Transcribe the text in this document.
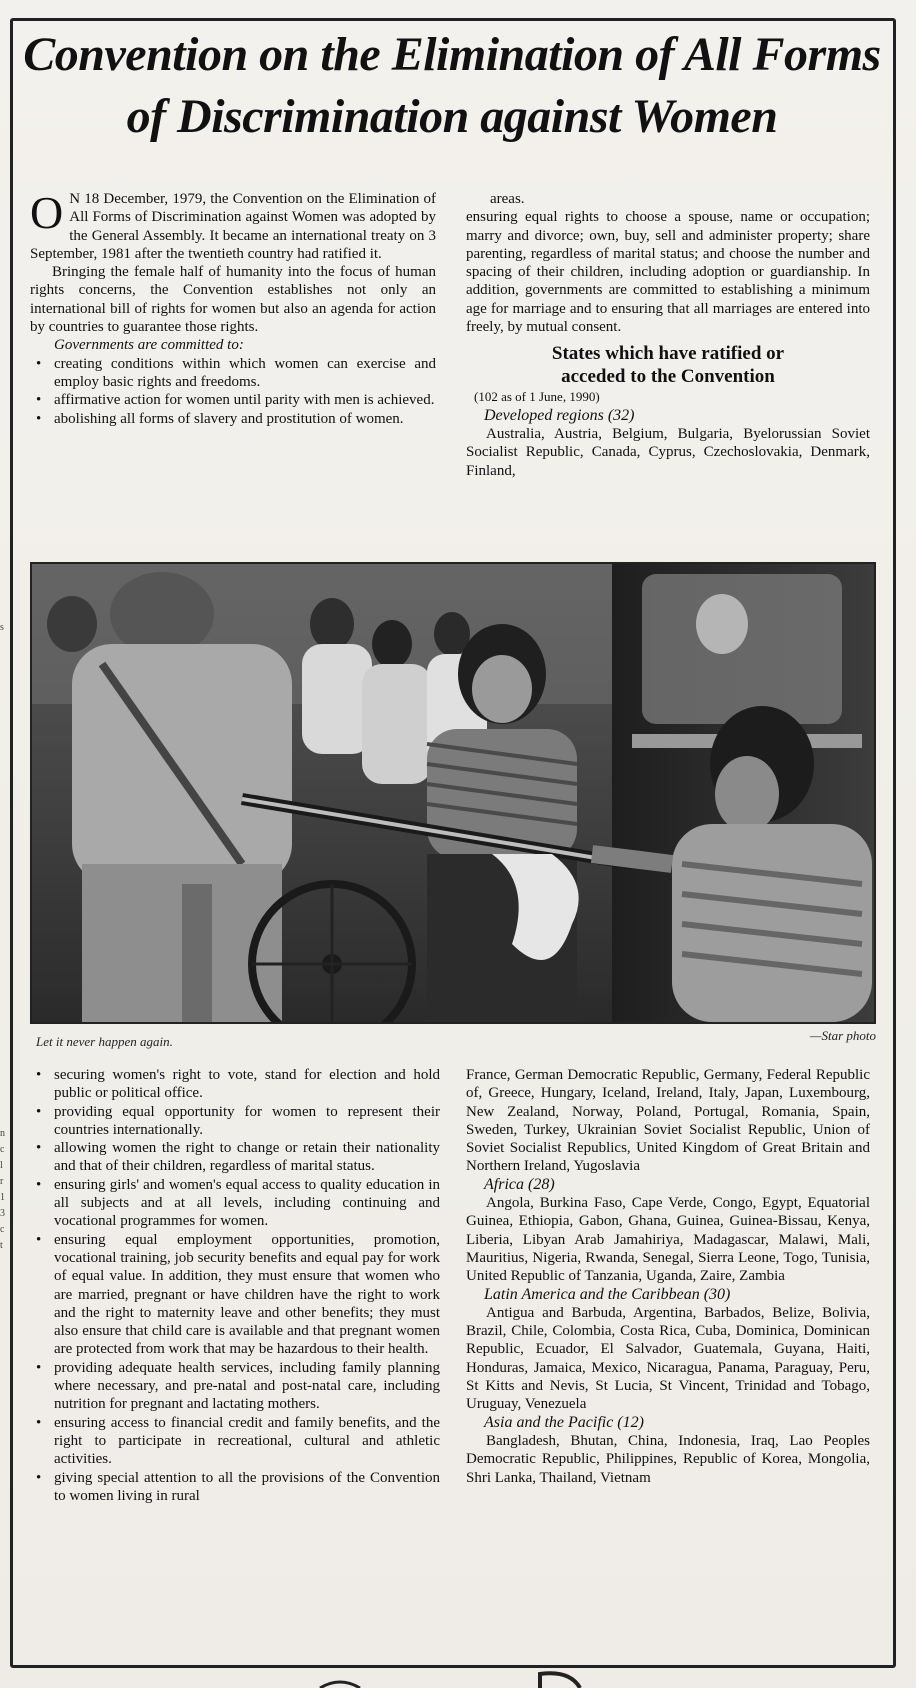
s
n
c
l
r
1
3
c
t
Convention on the Elimination of All Forms
of Discrimination against Women

O N 18 December, 1979, the Convention on the Elimination of All Forms of Discrimination against Women was adopted by the General Assembly. It became an international treaty on 3 September, 1981 after the twentieth country had ratified it.

Bringing the female half of humanity into the focus of human rights concerns, the Convention establishes not only an international bill of rights for women but also an agenda for action by countries to guarantee those rights.

Governments are committed to:

• creating conditions within which women can exercise and employ basic rights and freedoms.
• affirmative action for women until parity with men is achieved.
• abolishing all forms of slavery and prostitution of women.

areas.

ensuring equal rights to choose a spouse, name or occupation; marry and divorce; own, buy, sell and administer property; share parenting, regardless of marital status; and choose the number and spacing of their children, including adoption or guardianship. In addition, governments are committed to establishing a minimum age for marriage and to ensuring that all marriages are entered into freely, by mutual consent.

States which have ratified or
acceded to the Convention

(102 as of 1 June, 1990)

Developed regions (32)

Australia, Austria, Belgium, Bulgaria, Byelorussian Soviet Socialist Republic, Canada, Cyprus, Czechoslovakia, Denmark, Finland,

Let it never happen again.	—Star photo
• securing women's right to vote, stand for election and hold public or political office.
• providing equal opportunity for women to represent their countries internationally.
• allowing women the right to change or retain their nationality and that of their children, regardless of marital status.
• ensuring girls' and women's equal access to quality education in all subjects and at all levels, including continuing and vocational programmes for women.
• ensuring equal employment opportunities, promotion, vocational training, job security benefits and equal pay for work of equal value. In addition, they must ensure that women who are married, pregnant or have children have the right to work and the right to maternity leave and other benefits; they must also ensure that child care is available and that pregnant women are protected from work that may be hazardous to their health.
• providing adequate health services, including family planning where necessary, and pre-natal and post-natal care, including nutrition for pregnant and lactating mothers.
• ensuring access to financial credit and family benefits, and the right to participate in recreational, cultural and athletic activities.
• giving special attention to all the provisions of the Convention to women living in rural

France, German Democratic Republic, Germany, Federal Republic of, Greece, Hungary, Iceland, Ireland, Italy, Japan, Luxembourg, New Zealand, Norway, Poland, Portugal, Romania, Spain, Sweden, Turkey, Ukrainian Soviet Socialist Republic, Union of Soviet Socialist Republics, United Kingdom of Great Britain and Northern Ireland, Yugoslavia

Africa (28)

Angola, Burkina Faso, Cape Verde, Congo, Egypt, Equatorial Guinea, Ethiopia, Gabon, Ghana, Guinea, Guinea-Bissau, Kenya, Liberia, Libyan Arab Jamahiriya, Madagascar, Malawi, Mali, Mauritius, Nigeria, Rwanda, Senegal, Sierra Leone, Togo, Tunisia, United Republic of Tanzania, Uganda, Zaire, Zambia

Latin America and the Caribbean (30)

Antigua and Barbuda, Argentina, Barbados, Belize, Bolivia, Brazil, Chile, Colombia, Costa Rica, Cuba, Dominica, Dominican Republic, Ecuador, El Salvador, Guatemala, Guyana, Haiti, Honduras, Jamaica, Mexico, Nicaragua, Panama, Paraguay, Peru, St Kitts and Nevis, St Lucia, St Vincent, Trinidad and Tobago, Uruguay, Venezuela

Asia and the Pacific (12)

Bangladesh, Bhutan, China, Indonesia, Iraq, Lao Peoples Democratic Republic, Philippines, Republic of Korea, Mongolia, Shri Lanka, Thailand, Vietnam
